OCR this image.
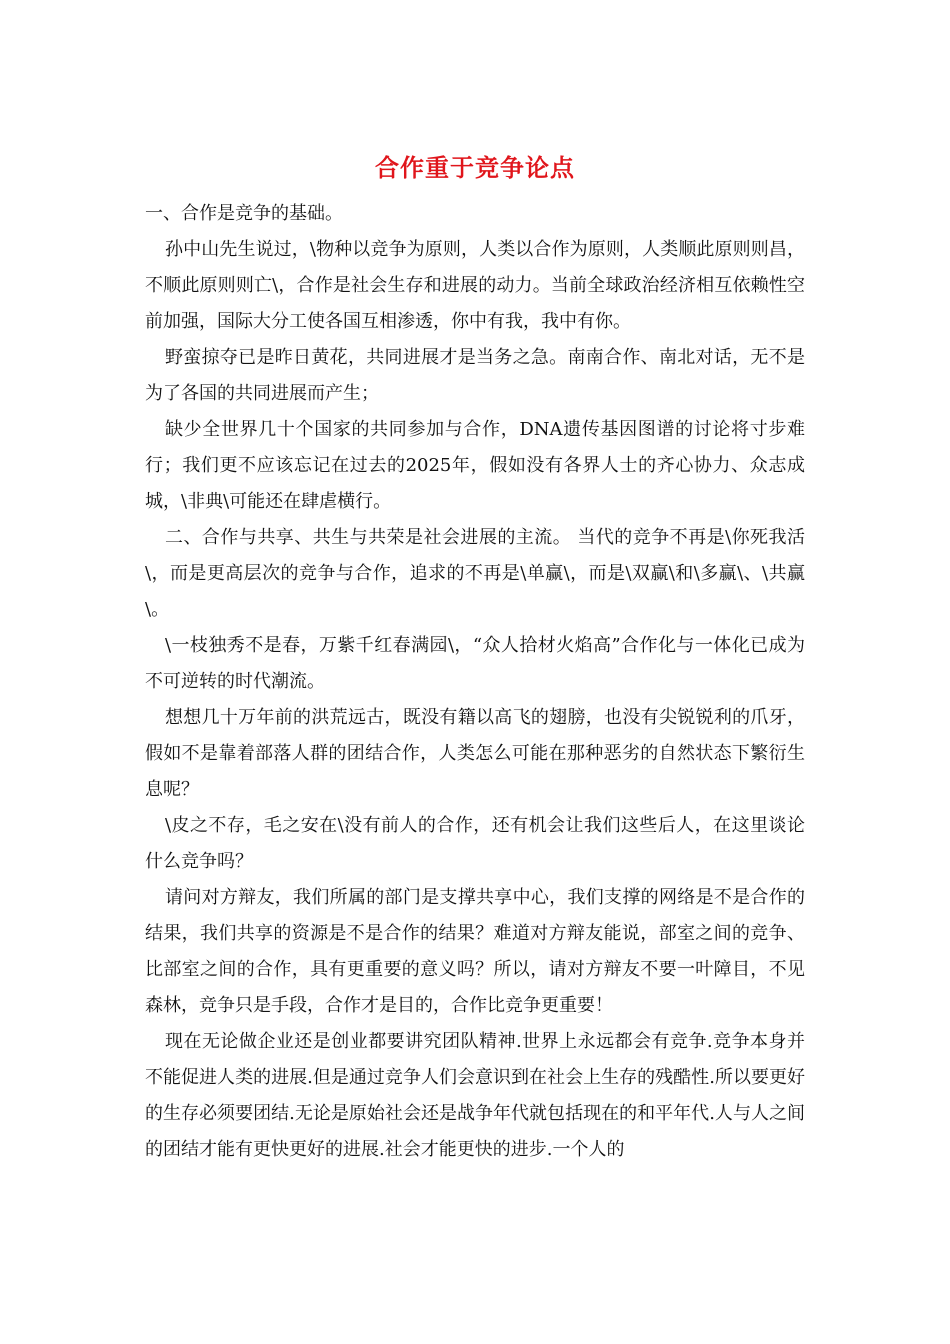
合作重于竞争论点

一、合作是竞争的基础。

孙中山先生说过，\物种以竞争为原则，人类以合作为原则，人类顺此原则则昌，不顺此原则则亡\，合作是社会生存和进展的动力。当前全球政治经济相互依赖性空前加强，国际大分工使各国互相渗透，你中有我，我中有你。

野蛮掠夺已是昨日黄花，共同进展才是当务之急。南南合作、南北对话，无不是为了各国的共同进展而产生；

缺少全世界几十个国家的共同参加与合作，DNA遗传基因图谱的讨论将寸步难行；我们更不应该忘记在过去的2025年，假如没有各界人士的齐心协力、众志成城，\非典\可能还在肆虐横行。

二、合作与共享、共生与共荣是社会进展的主流。 当代的竞争不再是\你死我活\，而是更高层次的竞争与合作，追求的不再是\单赢\，而是\双赢\和\多赢\、\共赢\。

\一枝独秀不是春，万紫千红春满园\，“众人拾材火焰高”合作化与一体化已成为不可逆转的时代潮流。

想想几十万年前的洪荒远古，既没有籍以高飞的翅膀，也没有尖锐锐利的爪牙，假如不是靠着部落人群的团结合作，人类怎么可能在那种恶劣的自然状态下繁衍生息呢？

\皮之不存，毛之安在\没有前人的合作，还有机会让我们这些后人，在这里谈论什么竞争吗？

请问对方辩友，我们所属的部门是支撑共享中心，我们支撑的网络是不是合作的结果，我们共享的资源是不是合作的结果？难道对方辩友能说，部室之间的竞争、比部室之间的合作，具有更重要的意义吗？所以，请对方辩友不要一叶障目，不见森林，竞争只是手段，合作才是目的，合作比竞争更重要！

现在无论做企业还是创业都要讲究团队精神.世界上永远都会有竞争.竞争本身并不能促进人类的进展.但是通过竞争人们会意识到在社会上生存的残酷性.所以要更好的生存必须要团结.无论是原始社会还是战争年代就包括现在的和平年代.人与人之间的团结才能有更快更好的进展.社会才能更快的进步.一个人的
